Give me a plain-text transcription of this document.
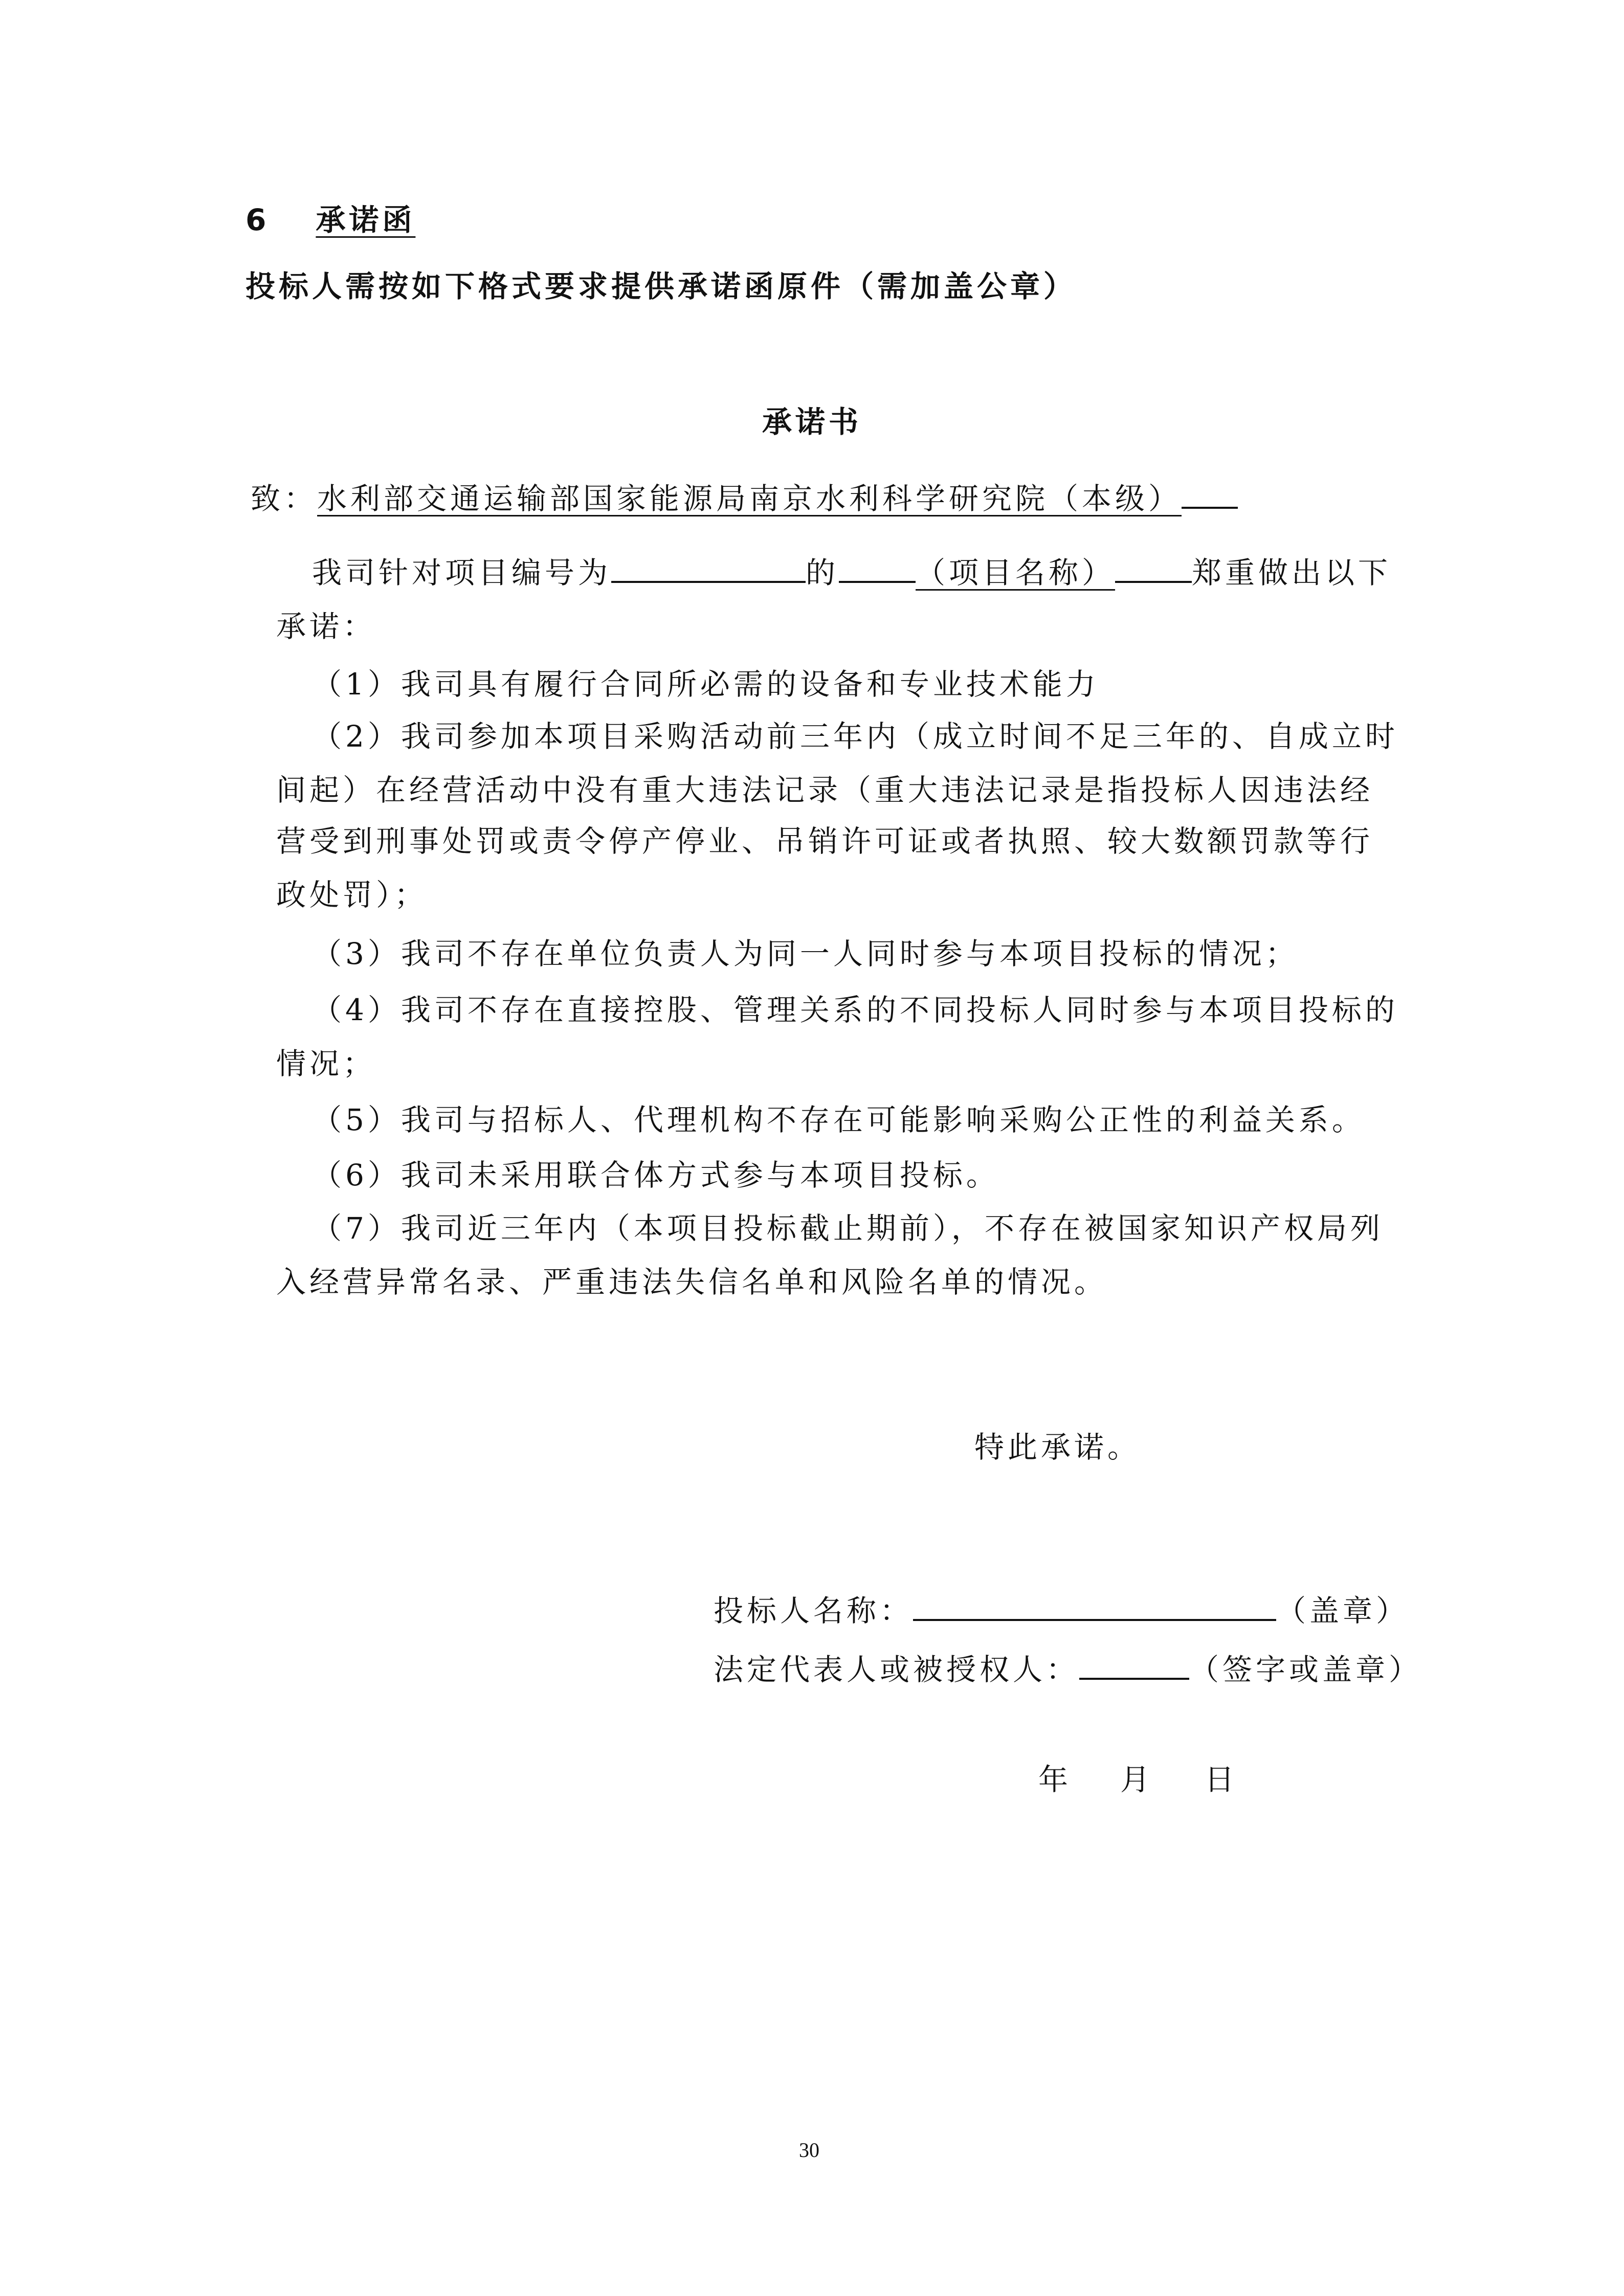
6 承诺函
投标人需按如下格式要求提供承诺函原件（需加盖公章）
承诺书
致：水利部交通运输部国家能源局南京水利科学研究院（本级）
我司针对项目编号为	的	（项目名称）	郑重做出以下
承诺：
（1）我司具有履行合同所必需的设备和专业技术能力
（2）我司参加本项目采购活动前三年内（成立时间不足三年的、自成立时
间起）在经营活动中没有重大违法记录（重大违法记录是指投标人因违法经
营受到刑事处罚或责令停产停业、吊销许可证或者执照、较大数额罚款等行
政处罚）；
（3）我司不存在单位负责人为同一人同时参与本项目投标的情况；
（4）我司不存在直接控股、管理关系的不同投标人同时参与本项目投标的
情况；
（5）我司与招标人、代理机构不存在可能影响采购公正性的利益关系。
（6）我司未采用联合体方式参与本项目投标。
（7）我司近三年内（本项目投标截止期前），不存在被国家知识产权局列
入经营异常名录、严重违法失信名单和风险名单的情况。
特此承诺。
投标人名称：	（盖章）
法定代表人或被授权人：	（签字或盖章）
年 月 日
30
